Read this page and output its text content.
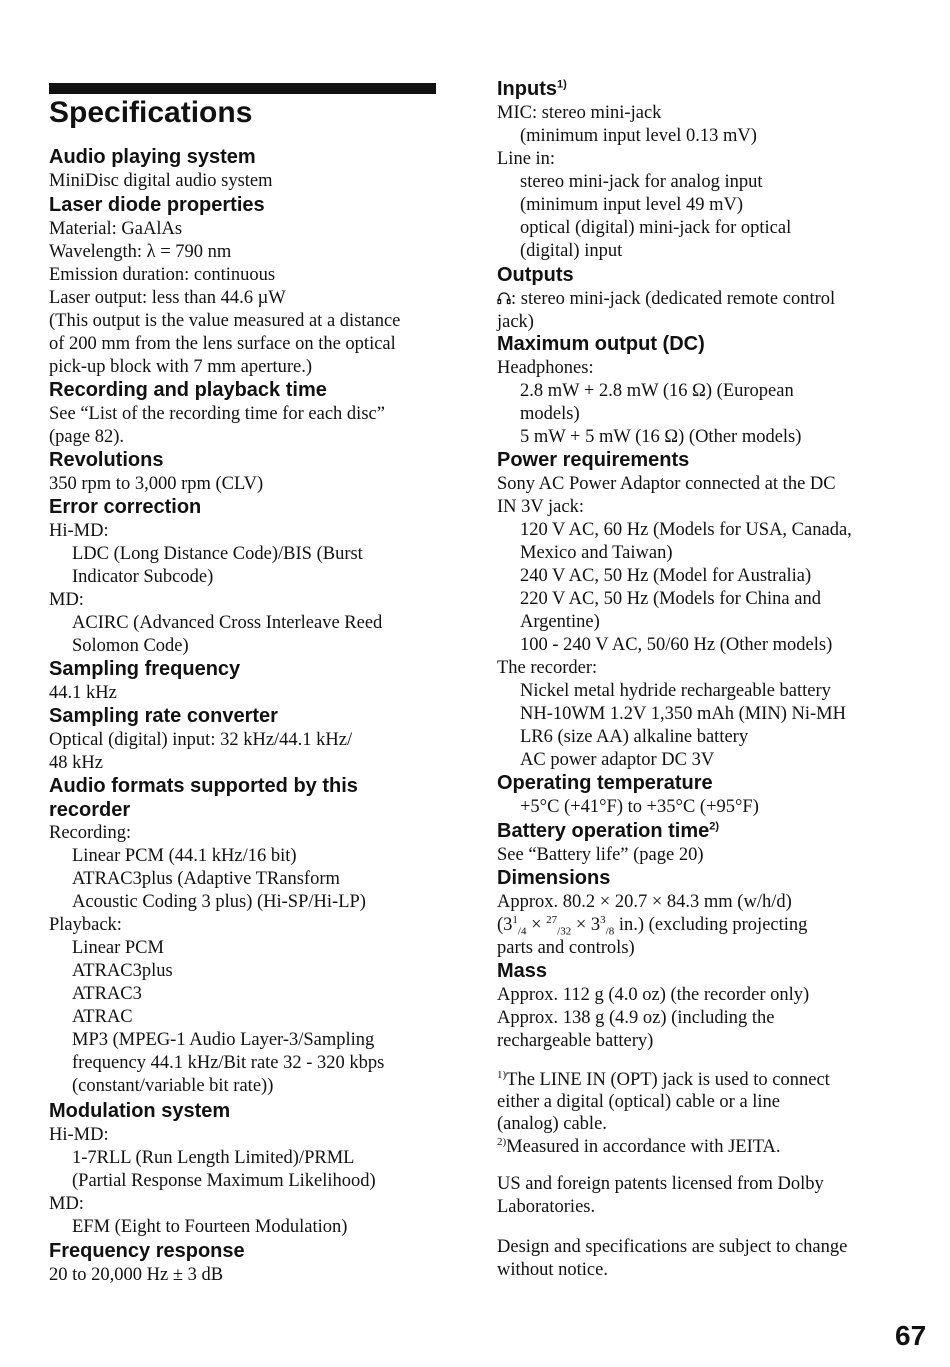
Specifications

Audio playing system

MiniDisc digital audio system

Laser diode properties

Material: GaAlAs

Wavelength: λ = 790 nm

Emission duration: continuous

Laser output: less than 44.6 µW

(This output is the value measured at a distance

of 200 mm from the lens surface on the optical

pick-up block with 7 mm aperture.)

Recording and playback time

See “List of the recording time for each disc”

(page 82).

Revolutions

350 rpm to 3,000 rpm (CLV)

Error correction

Hi-MD:

LDC (Long Distance Code)/BIS (Burst

Indicator Subcode)

MD:

ACIRC (Advanced Cross Interleave Reed

Solomon Code)

Sampling frequency

44.1 kHz

Sampling rate converter

Optical (digital) input: 32 kHz/44.1 kHz/

48 kHz

Audio formats supported by this

recorder

Recording:

Linear PCM (44.1 kHz/16 bit)

ATRAC3plus (Adaptive TRansform

Acoustic Coding 3 plus) (Hi-SP/Hi-LP)

Playback:

Linear PCM

ATRAC3plus

ATRAC3

ATRAC

MP3 (MPEG-1 Audio Layer-3/Sampling

frequency 44.1 kHz/Bit rate 32 - 320 kbps

(constant/variable bit rate))

Modulation system

Hi-MD:

1-7RLL (Run Length Limited)/PRML

(Partial Response Maximum Likelihood)

MD:

EFM (Eight to Fourteen Modulation)

Frequency response

20 to 20,000 Hz ± 3 dB

Inputs$^{1)}$

MIC: stereo mini-jack

(minimum input level 0.13 mV)

Line in:

stereo mini-jack for analog input

(minimum input level 49 mV)

optical (digital) mini-jack for optical

(digital) input

Outputs

: stereo mini-jack (dedicated remote control

jack)

Maximum output (DC)

Headphones:

2.8 mW + 2.8 mW (16 Ω) (European

models)

5 mW + 5 mW (16 Ω) (Other models)

Power requirements

Sony AC Power Adaptor connected at the DC

IN 3V jack:

120 V AC, 60 Hz (Models for USA, Canada,

Mexico and Taiwan)

240 V AC, 50 Hz (Model for Australia)

220 V AC, 50 Hz (Models for China and

Argentine)

100 - 240 V AC, 50/60 Hz (Other models)

The recorder:

Nickel metal hydride rechargeable battery

NH-10WM 1.2V 1,350 mAh (MIN) Ni-MH

LR6 (size AA) alkaline battery

AC power adaptor DC 3V

Operating temperature

+5°C (+41°F) to +35°C (+95°F)

Battery operation time$^{2)}$

See “Battery life” (page 20)

Dimensions

Approx. 80.2 × 20.7 × 84.3 mm (w/h/d)

($3^1_{/4} \times ^{27}_{/32} \times 3^3_{/8}$ in.) (excluding projecting

parts and controls)

Mass

Approx. 112 g (4.0 oz) (the recorder only)

Approx. 138 g (4.9 oz) (including the

rechargeable battery)

$^{1)}$The LINE IN (OPT) jack is used to connect

either a digital (optical) cable or a line

(analog) cable.

$^{2)}$Measured in accordance with JEITA.

US and foreign patents licensed from Dolby

Laboratories.

Design and specifications are subject to change

without notice.

67
